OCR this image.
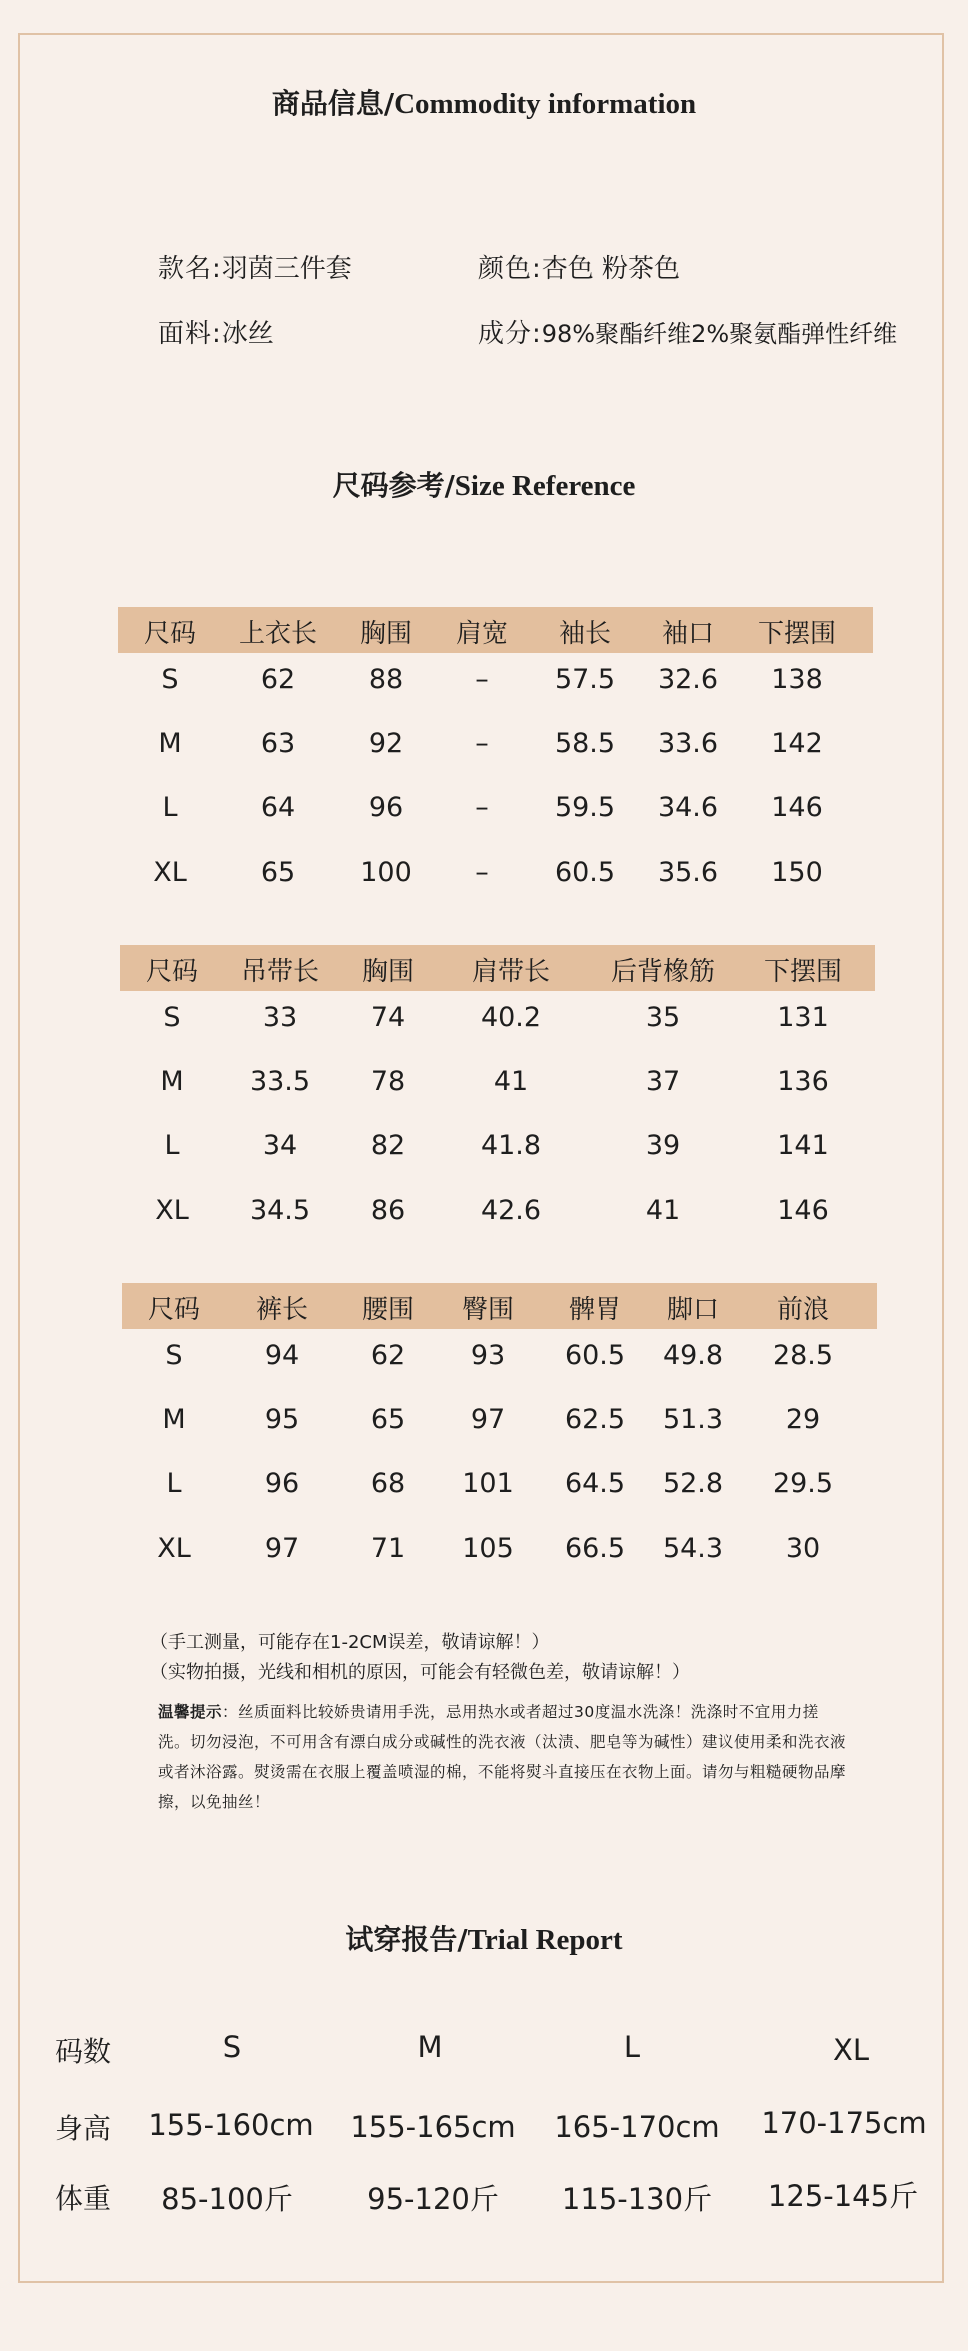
商品信息/Commodity information
款名:羽茵三件套	颜色:杏色 粉茶色
面料:冰丝	成分:98%聚酯纤维2%聚氨酯弹性纤维
尺码参考/Size Reference
尺码 上衣长 胸围 肩宽 袖长 袖口 下摆围
S	62	88	– 57.5 32.6 138
M	63	92	– 58.5 33.6 142
L	64	96	– 59.5 34.6 146
XL	65 100 – 60.5 35.6 150
尺码 吊带长 胸围 肩带长 后背橡筋 下摆围
S	33	74	40.2	35	131
M 33.5 78	41	37	136
L	34	82	41.8	39	141
XL 34.5 86	42.6	41	146
尺码 裤长 腰围 臀围 髀胃 脚口 前浪
S	94	62 93 60.5 49.8 28.5
M	95	65 97 62.5 51.3 29
L	96	68 101 64.5 52.8 29.5
XL	97	71 105 66.5 54.3 30
（手工测量，可能存在1-2CM误差，敬请谅解！）
（实物拍摄，光线和相机的原因，可能会有轻微色差，敬请谅解！）
温馨提示：丝质面料比较娇贵请用手洗，忌用热水或者超过30度温水洗涤！洗涤时不宜用力搓洗。切勿浸泡，不可用含有漂白成分或碱性的洗衣液（汰渍、肥皂等为碱性）建议使用柔和洗衣液或者沐浴露。熨烫需在衣服上覆盖喷湿的棉，不能将熨斗直接压在衣物上面。请勿与粗糙硬物品摩擦，以免抽丝！
试穿报告/Trial Report
码数	S	M	L	XL
身高 155-160cm 155-165cm 165-170cm 170-175cm
体重 85-100斤	95-120斤 115-130斤 125-145斤
